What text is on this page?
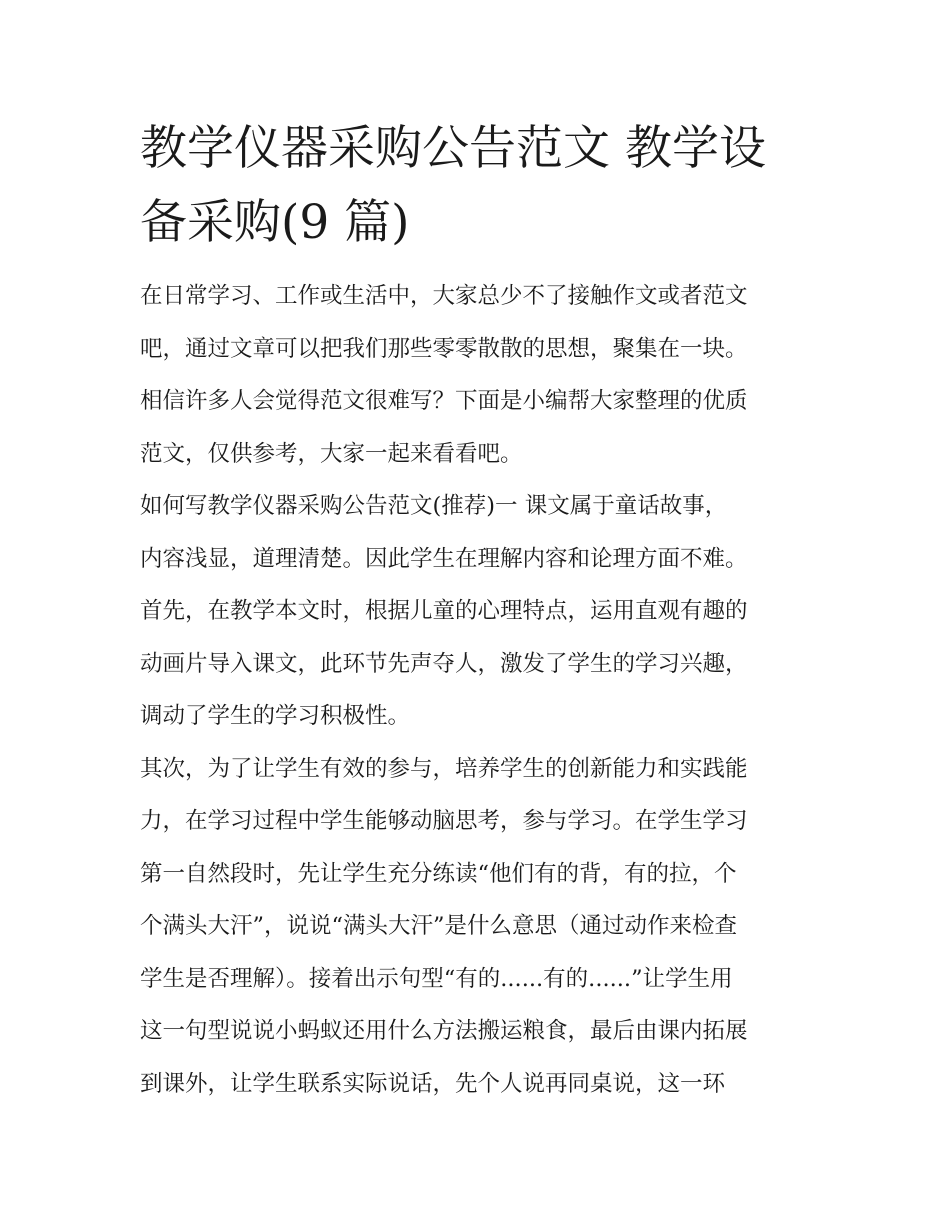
教学仪器采购公告范文 教学设
备采购(9 篇)

在日常学习、工作或生活中，大家总少不了接触作文或者范文
吧，通过文章可以把我们那些零零散散的思想，聚集在一块。
相信许多人会觉得范文很难写？下面是小编帮大家整理的优质
范文，仅供参考，大家一起来看看吧。

如何写教学仪器采购公告范文(推荐)一 课文属于童话故事，
内容浅显，道理清楚。因此学生在理解内容和论理方面不难。
首先，在教学本文时，根据儿童的心理特点，运用直观有趣的
动画片导入课文，此环节先声夺人，激发了学生的学习兴趣，
调动了学生的学习积极性。

其次，为了让学生有效的参与，培养学生的创新能力和实践能
力，在学习过程中学生能够动脑思考，参与学习。在学生学习
第一自然段时，先让学生充分练读“他们有的背，有的拉，个
个满头大汗”，说说“满头大汗”是什么意思（通过动作来检查
学生是否理解）。接着出示句型“有的......有的......”让学生用
这一句型说说小蚂蚁还用什么方法搬运粮食，最后由课内拓展
到课外，让学生联系实际说话，先个人说再同桌说，这一环
